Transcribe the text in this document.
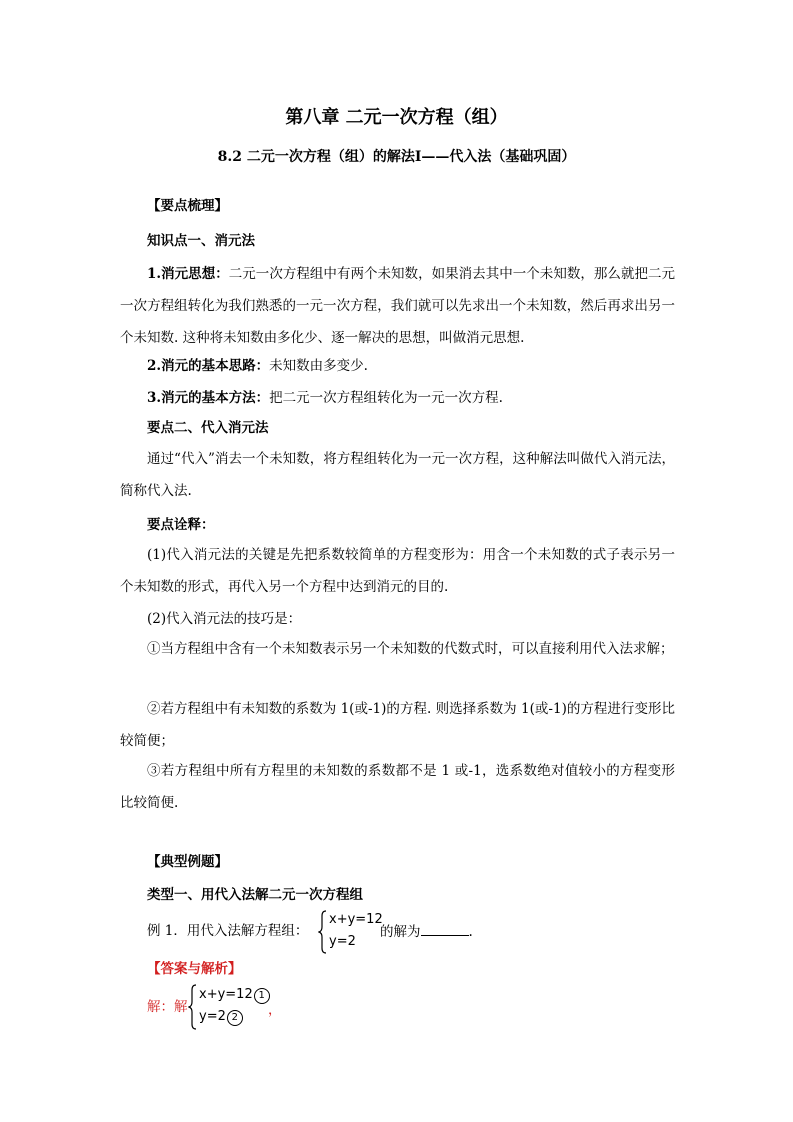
第八章 二元一次方程（组）
8.2 二元一次方程（组）的解法Ⅰ——代入法（基础巩固）
【要点梳理】
知识点一、消元法
1.消元思想：二元一次方程组中有两个未知数，如果消去其中一个未知数，那么就把二元一次方程组转化为我们熟悉的一元一次方程，我们就可以先求出一个未知数，然后再求出另一个未知数. 这种将未知数由多化少、逐一解决的思想，叫做消元思想.
2.消元的基本思路：未知数由多变少.
3.消元的基本方法：把二元一次方程组转化为一元一次方程.
要点二、代入消元法
通过“代入”消去一个未知数，将方程组转化为一元一次方程，这种解法叫做代入消元法，简称代入法.
要点诠释：
(1)代入消元法的关键是先把系数较简单的方程变形为：用含一个未知数的式子表示另一个未知数的形式，再代入另一个方程中达到消元的目的.
(2)代入消元法的技巧是：
①当方程组中含有一个未知数表示另一个未知数的代数式时，可以直接利用代入法求解；
②若方程组中有未知数的系数为 1(或-1)的方程. 则选择系数为 1(或-1)的方程进行变形比较简便；
③若方程组中所有方程里的未知数的系数都不是 1 或-1，选系数绝对值较小的方程变形比较简便.
【典型例题】
类型一、用代入法解二元一次方程组
例 1．用代入法解方程组：
x+y=12
y=2
的解为	.
【答案与解析】
解：解
x+y=12 1
y=2 2	，
